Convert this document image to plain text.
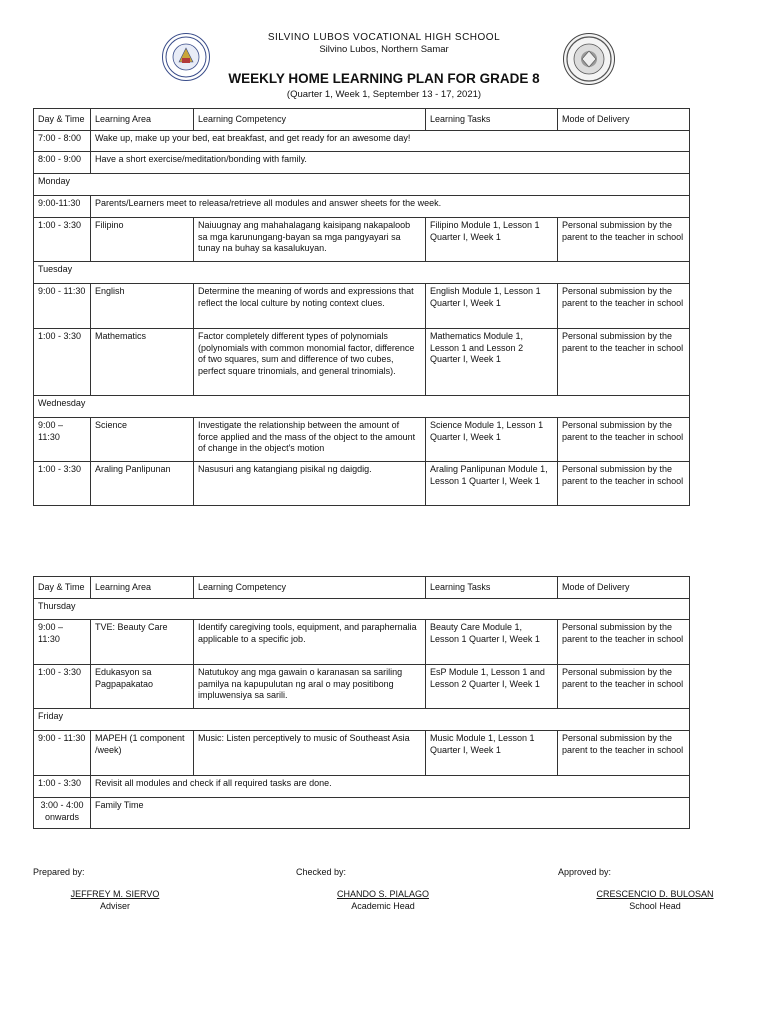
SILVINO LUBOS VOCATIONAL HIGH SCHOOL
Silvino Lubos, Northern Samar
WEEKLY HOME LEARNING PLAN FOR GRADE 8
(Quarter 1, Week 1, September 13 - 17, 2021)
Day & Time	Learning Area	Learning Competency	Learning Tasks	Mode of Delivery
7:00 - 8:00	Wake up, make up your bed, eat breakfast, and get ready for an awesome day!			
8:00 - 9:00	Have a short exercise/meditation/bonding with family.			
Monday				
9:00-11:30	Parents/Learners meet to releasa/retrieve all modules and answer sheets for the week.			
1:00 - 3:30	Filipino	Naiuugnay ang mahahalagang kaisipang nakapaloob sa mga karunungang-bayan sa mga pangyayari sa tunay na buhay sa kasalukuyan.	Filipino Module 1, Lesson 1 Quarter I, Week 1	Personal submission by the parent to the teacher in school
Tuesday				
9:00 - 11:30	English	Determine the meaning of words and expressions that reflect the local culture by noting context clues.	English Module 1, Lesson 1 Quarter I, Week 1	Personal submission by the parent to the teacher in school
1:00 - 3:30	Mathematics	Factor completely different types of polynomials (polynomials with common monomial factor, difference of two squares, sum and difference of two cubes, perfect square trinomials, and general trinomials).	Mathematics Module 1, Lesson 1 and Lesson 2 Quarter I, Week 1	Personal submission by the parent to the teacher in school
Wednesday				
9:00 – 11:30	Science	Investigate the relationship between the amount of force applied and the mass of the object to the amount of change in the object's motion	Science Module 1, Lesson 1 Quarter I, Week 1	Personal submission by the parent to the teacher in school
1:00 - 3:30	Araling Panlipunan	Nasusuri ang katangiang pisikal ng daigdig.	Araling Panlipunan Module 1, Lesson 1 Quarter I, Week 1	Personal submission by the parent to the teacher in school
Day & Time	Learning Area	Learning Competency	Learning Tasks	Mode of Delivery
Thursday				
9:00 – 11:30	TVE: Beauty Care	Identify caregiving tools, equipment, and paraphernalia applicable to a specific job.	Beauty Care Module 1, Lesson 1 Quarter I, Week 1	Personal submission by the parent to the teacher in school
1:00 - 3:30	Edukasyon sa Pagpapakatao	Natutukoy ang mga gawain o karanasan sa sariling pamilya na kapupulutan ng aral o may positibong impluwensiya sa sarili.	EsP Module 1, Lesson 1 and Lesson 2 Quarter I, Week 1	Personal submission by the parent to the teacher in school
Friday				
9:00 - 11:30	MAPEH (1 component /week)	Music: Listen perceptively to music of Southeast Asia	Music Module 1, Lesson 1 Quarter I, Week 1	Personal submission by the parent to the teacher in school
1:00 - 3:30	Revisit all modules and check if all required tasks are done.			
3:00 - 4:00 onwards	Family Time			
Prepared by:	Checked by:	Approved by:
JEFFREY M. SIERVO
Adviser
CHANDO S. PIALAGO
Academic Head
CRESCENCIO D. BULOSAN
School Head
